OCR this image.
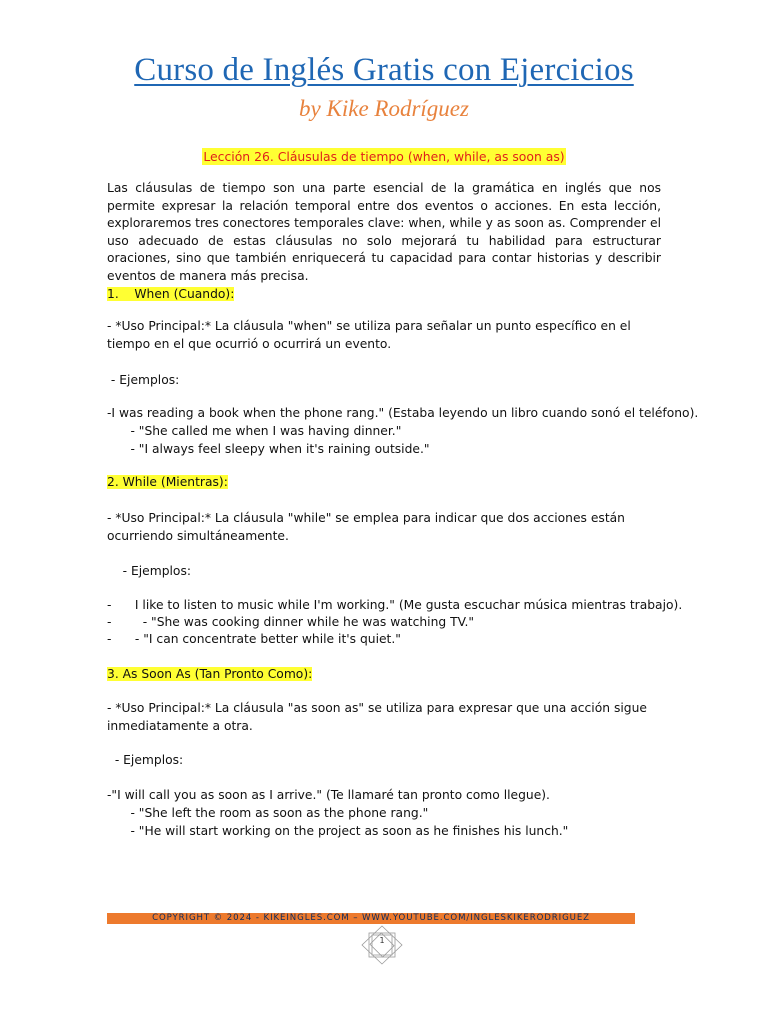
Curso de Inglés Gratis con Ejercicios

by Kike Rodríguez

Lección 26. Cláusulas de tiempo (when, while, as soon as)

Las cláusulas de tiempo son una parte esencial de la gramática en inglés que nos permite expresar la relación temporal entre dos eventos o acciones. En esta lección, exploraremos tres conectores temporales clave: when, while y as soon as. Comprender el uso adecuado de estas cláusulas no solo mejorará tu habilidad para estructurar oraciones, sino que también enriquecerá tu capacidad para contar historias y describir eventos de manera más precisa.

1.    When (Cuando):

- *Uso Principal:* La cláusula "when" se utiliza para señalar un punto específico en el tiempo en el que ocurrió o ocurrirá un evento.

- Ejemplos:

-I was reading a book when the phone rang." (Estaba leyendo un libro cuando sonó el teléfono).

- "She called me when I was having dinner."

- "I always feel sleepy when it's raining outside."

2. While (Mientras):

- *Uso Principal:* La cláusula "while" se emplea para indicar que dos acciones están ocurriendo simultáneamente.

- Ejemplos:

-      I like to listen to music while I'm working." (Me gusta escuchar música mientras trabajo).

-        - "She was cooking dinner while he was watching TV."

-      - "I can concentrate better while it's quiet."

3. As Soon As (Tan Pronto Como):

- *Uso Principal:* La cláusula "as soon as" se utiliza para expresar que una acción sigue inmediatamente a otra.

- Ejemplos:

-"I will call you as soon as I arrive." (Te llamaré tan pronto como llegue).

- "She left the room as soon as the phone rang."

- "He will start working on the project as soon as he finishes his lunch."

COPYRIGHT © 2024 - KIKEINGLES.COM – WWW.YOUTUBE.COM/INGLESKIKERODRIGUEZ
1
